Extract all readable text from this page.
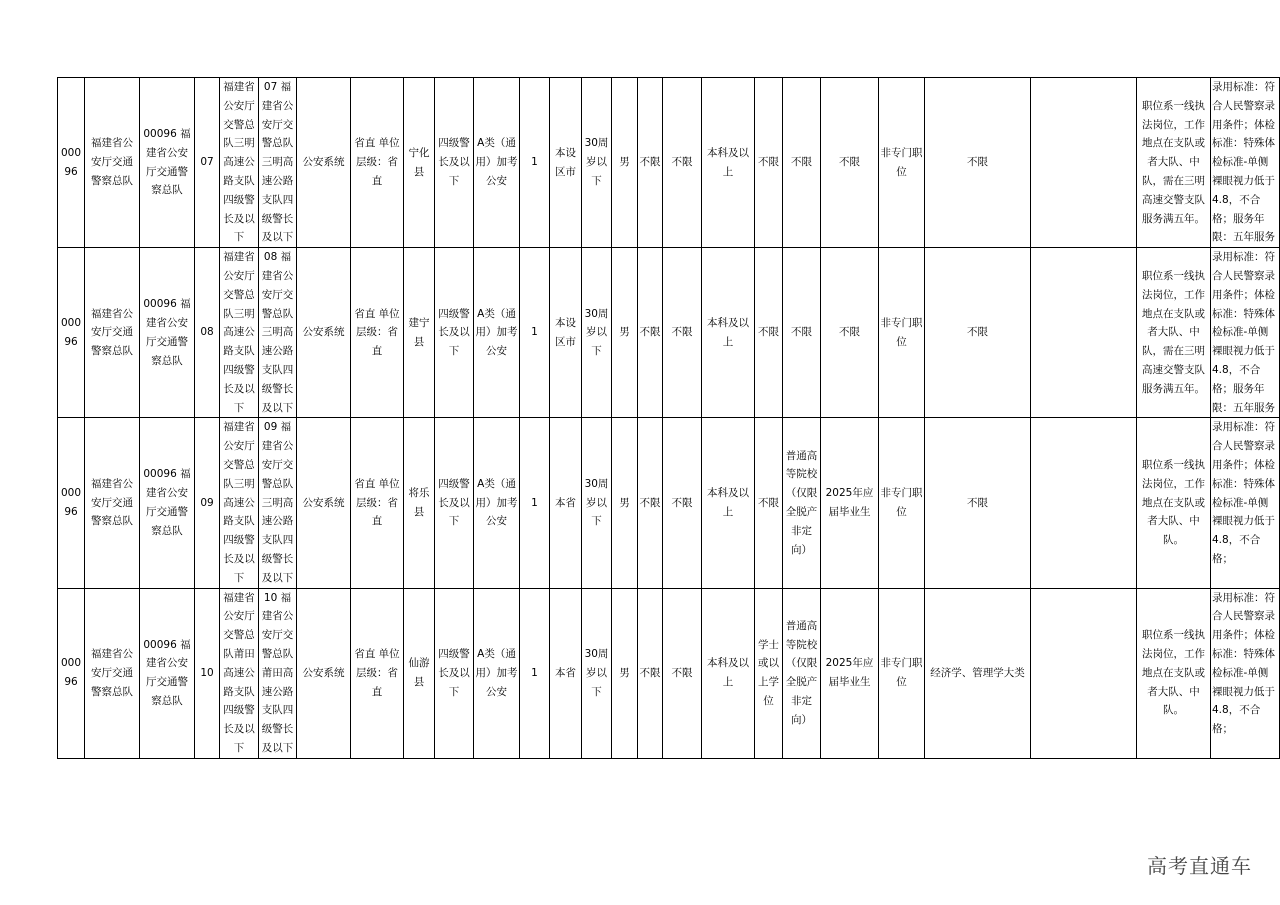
00096	福建省公安厅交通警察总队	00096 福建省公安厅交通警察总队	07	福建省公安厅交警总队三明高速公路支队四级警长及以下	07 福建省公安厅交警总队三明高速公路支队四级警长及以下	公安系统	省直 单位层级：省直	宁化县	四级警长及以下	A类（通用）加考公安	1	本设区市	30周岁以下	男	不限	不限	本科及以上	不限	不限	不限	非专门职位	不限		职位系一线执法岗位，工作地点在支队或者大队、中队，需在三明高速交警支队服务满五年。	录用标准：符合人民警察录用条件；体检标准：特殊体检标准-单侧裸眼视力低于4.8，不合格；服务年限：五年服务
00096	福建省公安厅交通警察总队	00096 福建省公安厅交通警察总队	08	福建省公安厅交警总队三明高速公路支队四级警长及以下	08 福建省公安厅交警总队三明高速公路支队四级警长及以下	公安系统	省直 单位层级：省直	建宁县	四级警长及以下	A类（通用）加考公安	1	本设区市	30周岁以下	男	不限	不限	本科及以上	不限	不限	不限	非专门职位	不限		职位系一线执法岗位，工作地点在支队或者大队、中队，需在三明高速交警支队服务满五年。	录用标准：符合人民警察录用条件；体检标准：特殊体检标准-单侧裸眼视力低于4.8，不合格；服务年限：五年服务
00096	福建省公安厅交通警察总队	00096 福建省公安厅交通警察总队	09	福建省公安厅交警总队三明高速公路支队四级警长及以下	09 福建省公安厅交警总队三明高速公路支队四级警长及以下	公安系统	省直 单位层级：省直	将乐县	四级警长及以下	A类（通用）加考公安	1	本省	30周岁以下	男	不限	不限	本科及以上	不限	普通高等院校（仅限全脱产非定向）	2025年应届毕业生	非专门职位	不限		职位系一线执法岗位，工作地点在支队或者大队、中队。	录用标准：符合人民警察录用条件；体检标准：特殊体检标准-单侧裸眼视力低于4.8，不合格；
00096	福建省公安厅交通警察总队	00096 福建省公安厅交通警察总队	10	福建省公安厅交警总队莆田高速公路支队四级警长及以下	10 福建省公安厅交警总队莆田高速公路支队四级警长及以下	公安系统	省直 单位层级：省直	仙游县	四级警长及以下	A类（通用）加考公安	1	本省	30周岁以下	男	不限	不限	本科及以上	学士或以上学位	普通高等院校（仅限全脱产非定向）	2025年应届毕业生	非专门职位	经济学、管理学大类		职位系一线执法岗位，工作地点在支队或者大队、中队。	录用标准：符合人民警察录用条件；体检标准：特殊体检标准-单侧裸眼视力低于4.8，不合格；
高考直通车
